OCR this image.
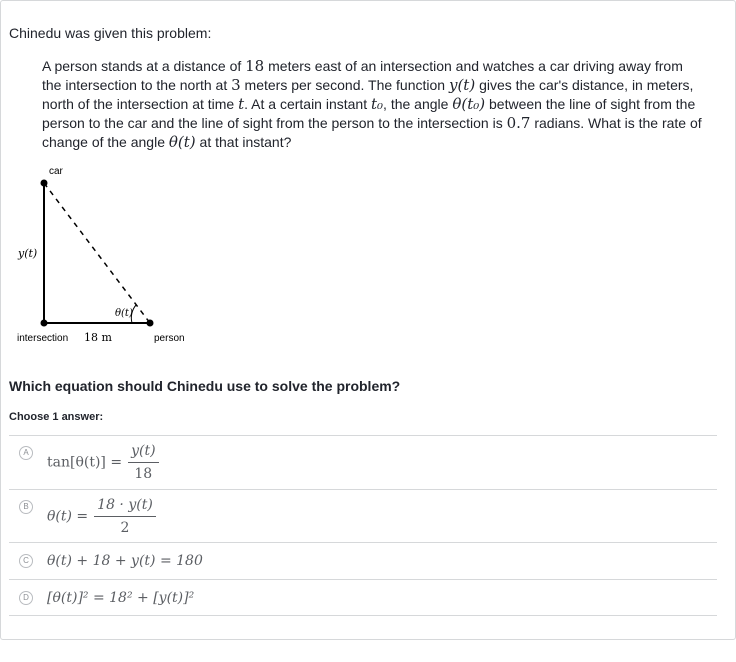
Chinedu was given this problem:
A person stands at a distance of 18 meters east of an intersection and watches a car driving away from the intersection to the north at 3 meters per second. The function y(t) gives the car's distance, in meters, north of the intersection at time t. At a certain instant t₀, the angle θ(t₀) between the line of sight from the person to the car and the line of sight from the person to the intersection is 0.7 radians. What is the rate of change of the angle θ(t) at that instant?
car
y(t)
θ(t)
intersection 18 m	person
Which equation should Chinedu use to solve the problem?
Choose 1 answer:
A
$\tan[\theta(t)] = \frac{y(t)}{18}$
B
$\theta(t) = \frac{18 \cdot y(t)}{2}$
C θ(t) + 18 + y(t) = 180
D [θ(t)]² = 18² + [y(t)]²
